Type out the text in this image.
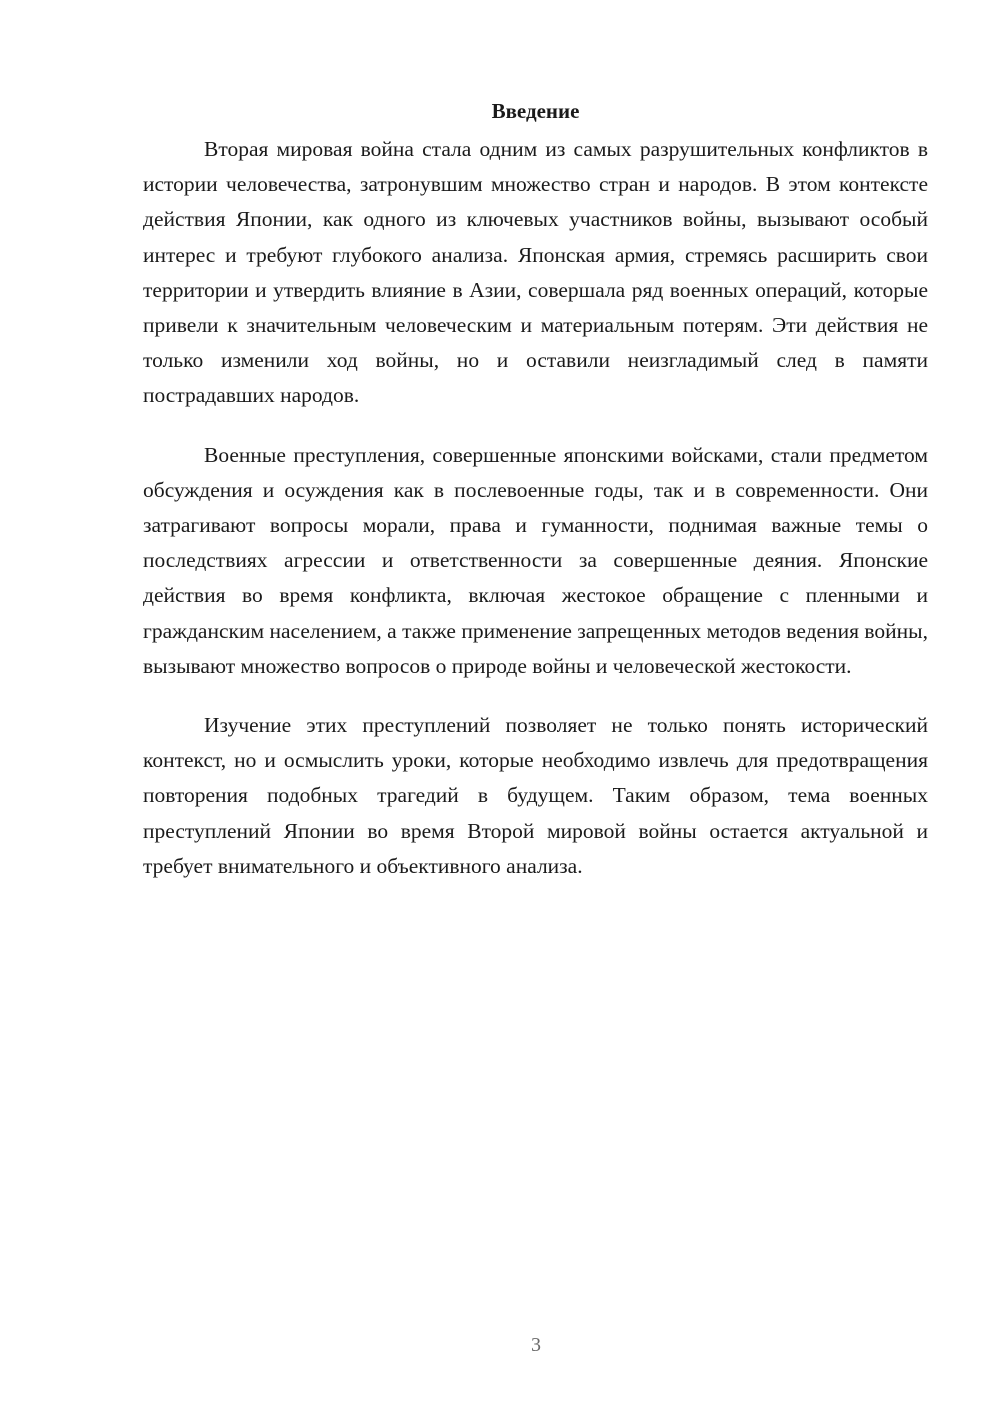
Введение

Вторая мировая война стала одним из самых разрушительных конфликтов в истории человечества, затронувшим множество стран и народов. В этом контексте действия Японии, как одного из ключевых участников войны, вызывают особый интерес и требуют глубокого анализа. Японская армия, стремясь расширить свои территории и утвердить влияние в Азии, совершала ряд военных операций, которые привели к значительным человеческим и материальным потерям. Эти действия не только изменили ход войны, но и оставили неизгладимый след в памяти пострадавших народов.

Военные преступления, совершенные японскими войсками, стали предметом обсуждения и осуждения как в послевоенные годы, так и в современности. Они затрагивают вопросы морали, права и гуманности, поднимая важные темы о последствиях агрессии и ответственности за совершенные деяния. Японские действия во время конфликта, включая жестокое обращение с пленными и гражданским населением, а также применение запрещенных методов ведения войны, вызывают множество вопросов о природе войны и человеческой жестокости.

Изучение этих преступлений позволяет не только понять исторический контекст, но и осмыслить уроки, которые необходимо извлечь для предотвращения повторения подобных трагедий в будущем. Таким образом, тема военных преступлений Японии во время Второй мировой войны остается актуальной и требует внимательного и объективного анализа.

3
